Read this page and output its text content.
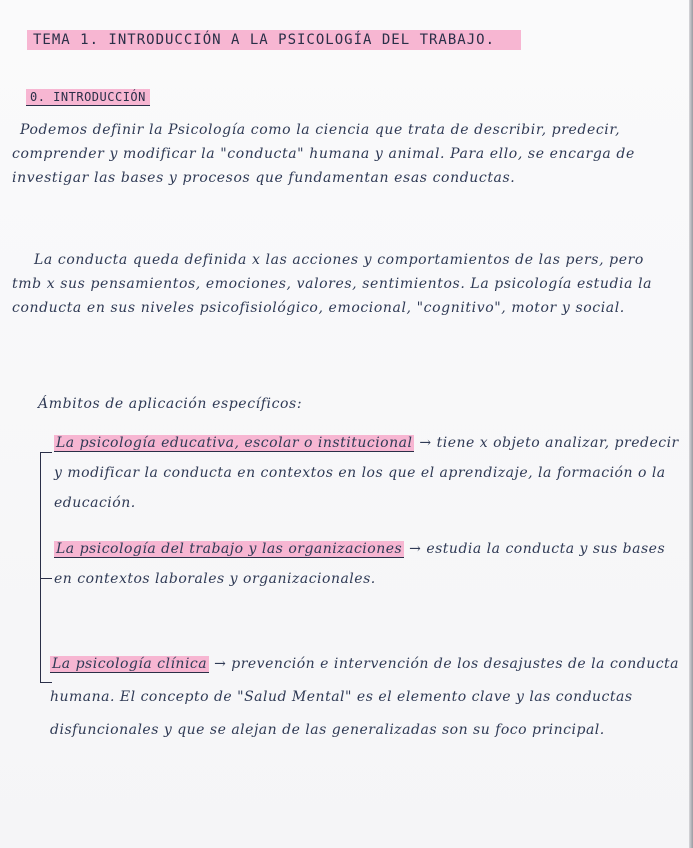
TEMA 1. INTRODUCCIÓN A LA PSICOLOGÍA DEL TRABAJO.
0. INTRODUCCIÓN

Podemos definir la Psicología como la ciencia que trata de describir, predecir, comprender y modificar la "conducta" humana y animal. Para ello, se encarga de investigar las bases y procesos que fundamentan esas conductas.

La conducta queda definida x las acciones y comportamientos de las pers, pero tmb x sus pensamientos, emociones, valores, sentimientos. La psicología estudia la conducta en sus niveles psicofisiológico, emocional, "cognitivo", motor y social.

Ámbitos de aplicación específicos:

La psicología educativa, escolar o institucional → tiene x objeto analizar, predecir y modificar la conducta en contextos en los que el aprendizaje, la formación o la educación.

La psicología del trabajo y las organizaciones → estudia la conducta y sus bases en contextos laborales y organizacionales.

La psicología clínica → prevención e intervención de los desajustes de la conducta humana. El concepto de "Salud Mental" es el elemento clave y las conductas disfuncionales y que se alejan de las generalizadas son su foco principal.
